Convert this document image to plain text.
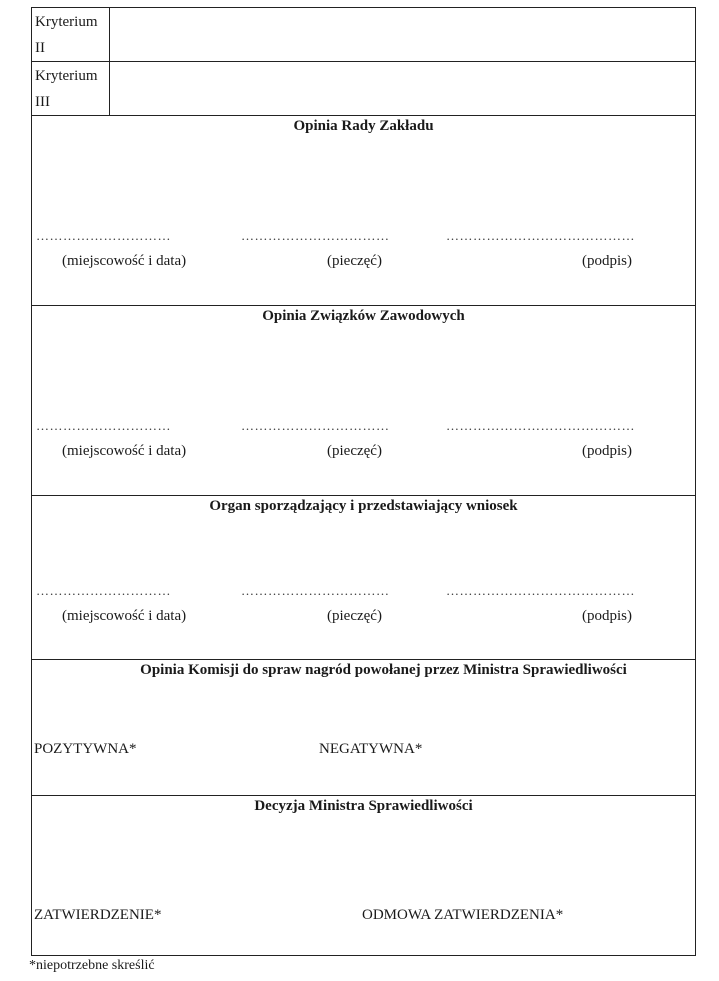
Kryterium
II
Kryterium
III
Opinia Rady Zakładu
…………………………	……………………………	……………………………………
(miejscowość i data)	(pieczęć)	(podpis)
Opinia Związków Zawodowych
…………………………	……………………………	……………………………………
(miejscowość i data)	(pieczęć)	(podpis)
Organ sporządzający i przedstawiający wniosek
…………………………	……………………………	……………………………………
(miejscowość i data)	(pieczęć)	(podpis)
Opinia Komisji do spraw nagród powołanej przez Ministra Sprawiedliwości
POZYTYWNA*	NEGATYWNA*
Decyzja Ministra Sprawiedliwości
ZATWIERDZENIE*	ODMOWA ZATWIERDZENIA*
*niepotrzebne skreślić
